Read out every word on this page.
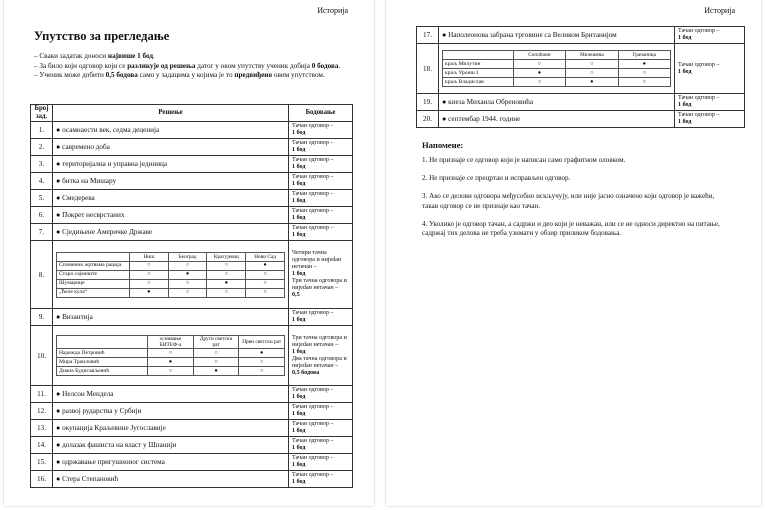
Историја
Упутство за прегледање
– Сваки задатак доноси највише 1 бод.
– За било који одговор који се разликује од решења датог у овом упутству ученик добија 0 бодова.
– Ученик може добити 0,5 бодова само у задацима у којима је то предвиђено овим упутством.
Број зад.	Решење	Бодовање
1.	● осамнаести век, седма деценија	Тачан одговор –
1 бод
2.	● савремено доба	Тачан одговор –
1 бод
3.	● територијална и управна јединица	Тачан одговор –
1 бод
4.	● битка на Мишару	Тачан одговор –
1 бод
5.	● Смедерева	Тачан одговор –
1 бод
6.	● Покрет несврстаних	Тачан одговор –
1 бод
7.	● Сједињене Америчке Државе	Тачан одговор –
1 бод
8.	
	Ниш	Београд	Крагујевац	Нови Сад
Спомeник жртвама рација	○	○	○	●
Старо сајмиште	○	●	○	○
Шумарице	○	○	●	○
„Ћеле кула“	●	○	○	○
	Четири тачна одговора и нијedан нетачан –
1 бод
Три тачна одговора и нијedан нетачан –
0,5
9.	● Византија	Тачан одговор –
1 бод
10.	
	оснивање БИТЕФ-а	Други светски рат	Први светски рат
Надежда Петровић	○	○	●
Мира Траиловић	●	○	○
Диана Будисављевић	○	●	○
	Три тачна одговора и нијedан нетачан –
1 бод
Два тачна одговора и нијedан нетачан –
0,5 бодова
11.	● Нелсон Мендела	Тачан одговор –
1 бод
12.	● развој рударства у Србији	Тачан одговор –
1 бод
13.	● окупација Краљевине Југославије	Тачан одговор –
1 бод
14.	● долазак фашиста на власт у Шпанији	Тачан одговор –
1 бод
15.	● одржавање пригушионог система	Тачан одговор –
1 бод
16.	● Стеpа Степановић	Тачан одговор –
1 бод
Историја
17.	● Наполеонова забрана трговине са Великом Британијом	Тачан одговор –
1 бод
18.	
	Сопоћани	Милешева	Грачаница
краљ Милутин	○	○	●
краљ Уроиш I	●	○	○
краљ Владислав	○	●	○
	Тачан одговор –
1 бод
19.	● кнеза Михаила Обреновића	Тачан одговор –
1 бод
20.	● септембар 1944. године	Тачан одговор –
1 бод
Напомене:

1. Не признаје се одговор који је написан само графитном оловком.

2. Не признаје се прецртан и исправљен одговор.

3. Ако се делови одговора међусобно искључују, или није јасно означено који одговор је важећи, такав одговор се не признаје као тачан.

4. Уколико је одговор тачан, а садржи и део који је неважан, или се не односи директно на питање, садржај тих делова не треба узимати у обзир приликом бодовања.
